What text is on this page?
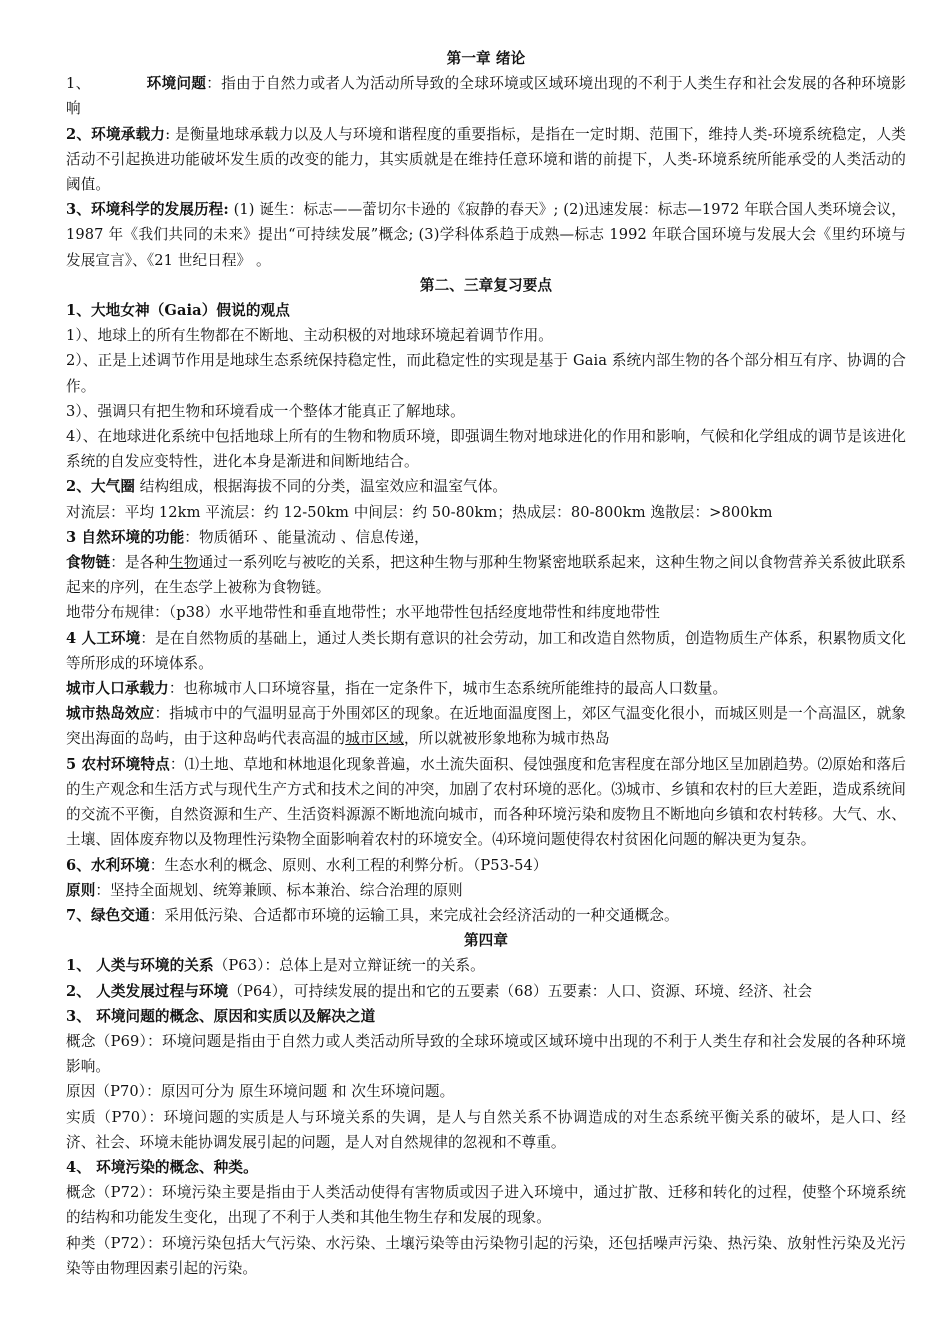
第一章 绪论

1、	环境问题：指由于自然力或者人为活动所导致的全球环境或区域环境出现的不利于人类生存和社会发展的各种环境影响

2、环境承载力: 是衡量地球承载力以及人与环境和谐程度的重要指标，是指在一定时期、范围下，维持人类-环境系统稳定，人类活动不引起换进功能破坏发生质的改变的能力，其实质就是在维持任意环境和谐的前提下，人类-环境系统所能承受的人类活动的阈值。

3、环境科学的发展历程: (1) 诞生：标志——蕾切尔卡逊的《寂静的春天》; (2)迅速发展：标志—1972 年联合国人类环境会议，1987 年《我们共同的未来》提出“可持续发展”概念; (3)学科体系趋于成熟—标志 1992 年联合国环境与发展大会《里约环境与发展宣言》、《21 世纪日程》 。

第二、三章复习要点

1、大地女神（Gaia）假说的观点

1）、地球上的所有生物都在不断地、主动积极的对地球环境起着调节作用。

2）、正是上述调节作用是地球生态系统保持稳定性，而此稳定性的实现是基于 Gaia 系统内部生物的各个部分相互有序、协调的合作。

3）、强调只有把生物和环境看成一个整体才能真正了解地球。

4）、在地球进化系统中包括地球上所有的生物和物质环境，即强调生物对地球进化的作用和影响，气候和化学组成的调节是该进化系统的自发应变特性，进化本身是渐进和间断地结合。

2、大气圈 结构组成，根据海拔不同的分类，温室效应和温室气体。

对流层：平均 12km 平流层：约 12-50km 中间层：约 50-80km；热成层：80-800km 逸散层：>800km

3 自然环境的功能：物质循环 、能量流动 、信息传递，

食物链：是各种生物通过一系列吃与被吃的关系，把这种生物与那种生物紧密地联系起来，这种生物之间以食物营养关系彼此联系起来的序列，在生态学上被称为食物链。

地带分布规律：（p38）水平地带性和垂直地带性；水平地带性包括经度地带性和纬度地带性

4 人工环境：是在自然物质的基础上，通过人类长期有意识的社会劳动，加工和改造自然物质，创造物质生产体系，积累物质文化等所形成的环境体系。

城市人口承载力：也称城市人口环境容量，指在一定条件下，城市生态系统所能维持的最高人口数量。

城市热岛效应：指城市中的气温明显高于外围郊区的现象。在近地面温度图上，郊区气温变化很小，而城区则是一个高温区，就象突出海面的岛屿，由于这种岛屿代表高温的城市区域，所以就被形象地称为城市热岛

5 农村环境特点：⑴土地、草地和林地退化现象普遍，水土流失面积、侵蚀强度和危害程度在部分地区呈加剧趋势。⑵原始和落后的生产观念和生活方式与现代生产方式和技术之间的冲突，加剧了农村环境的恶化。⑶城市、乡镇和农村的巨大差距，造成系统间的交流不平衡，自然资源和生产、生活资料源源不断地流向城市，而各种环境污染和废物且不断地向乡镇和农村转移。大气、水、土壤、固体废弃物以及物理性污染物全面影响着农村的环境安全。⑷环境问题使得农村贫困化问题的解决更为复杂。

6、水利环境：生态水利的概念、原则、水利工程的利弊分析。（P53-54）

原则：坚持全面规划、统筹兼顾、标本兼治、综合治理的原则

7、绿色交通：采用低污染、合适都市环境的运输工具，来完成社会经济活动的一种交通概念。

第四章

1、 人类与环境的关系（P63）：总体上是对立辩证统一的关系。

2、 人类发展过程与环境（P64），可持续发展的提出和它的五要素（68）五要素：人口、资源、环境、经济、社会

3、 环境问题的概念、原因和实质以及解决之道

概念（P69）：环境问题是指由于自然力或人类活动所导致的全球环境或区域环境中出现的不利于人类生存和社会发展的各种环境影响。

原因（P70）：原因可分为 原生环境问题 和 次生环境问题。

实质（P70）：环境问题的实质是人与环境关系的失调，是人与自然关系不协调造成的对生态系统平衡关系的破坏，是人口、经济、社会、环境未能协调发展引起的问题，是人对自然规律的忽视和不尊重。

4、 环境污染的概念、种类。

概念（P72）：环境污染主要是指由于人类活动使得有害物质或因子进入环境中，通过扩散、迁移和转化的过程，使整个环境系统的结构和功能发生变化，出现了不利于人类和其他生物生存和发展的现象。

种类（P72）：环境污染包括大气污染、水污染、土壤污染等由污染物引起的污染，还包括噪声污染、热污染、放射性污染及光污染等由物理因素引起的污染。
